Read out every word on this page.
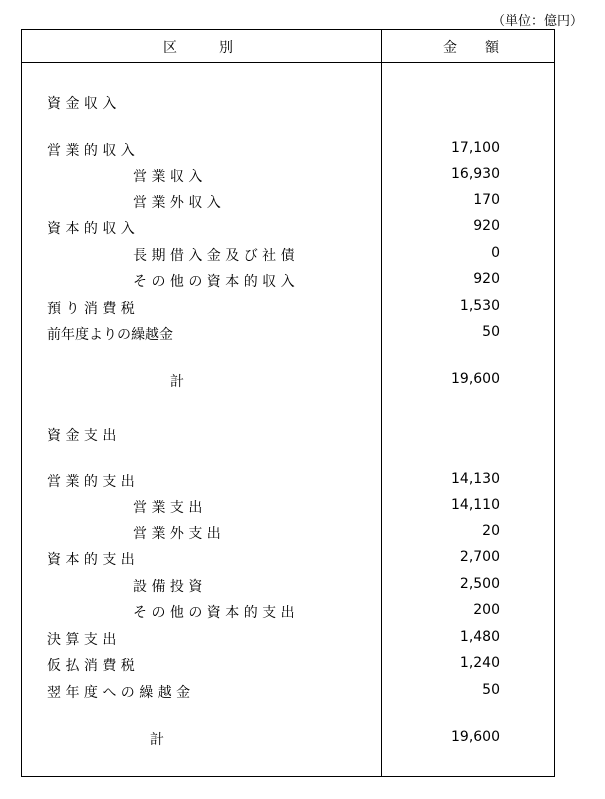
（単位：億円）
区　　　別	金　　額
資 金 収 入
営 業 的 収 入	17,100
営 業 収 入	16,930
営 業 外 収 入	170
資 本 的 収 入	920
長 期 借 入 金 及 び 社 債	0
そ の 他 の 資 本 的 収 入	920
預 り 消 費 税	1,530
前年度よりの繰越金	50
計	19,600
資 金 支 出
営 業 的 支 出	14,130
営 業 支 出	14,110
営 業 外 支 出	20
資 本 的 支 出	2,700
設 備 投 資	2,500
そ の 他 の 資 本 的 支 出	200
決 算 支 出	1,480
仮 払 消 費 税	1,240
翌 年 度 へ の 繰 越 金	50
計	19,600
